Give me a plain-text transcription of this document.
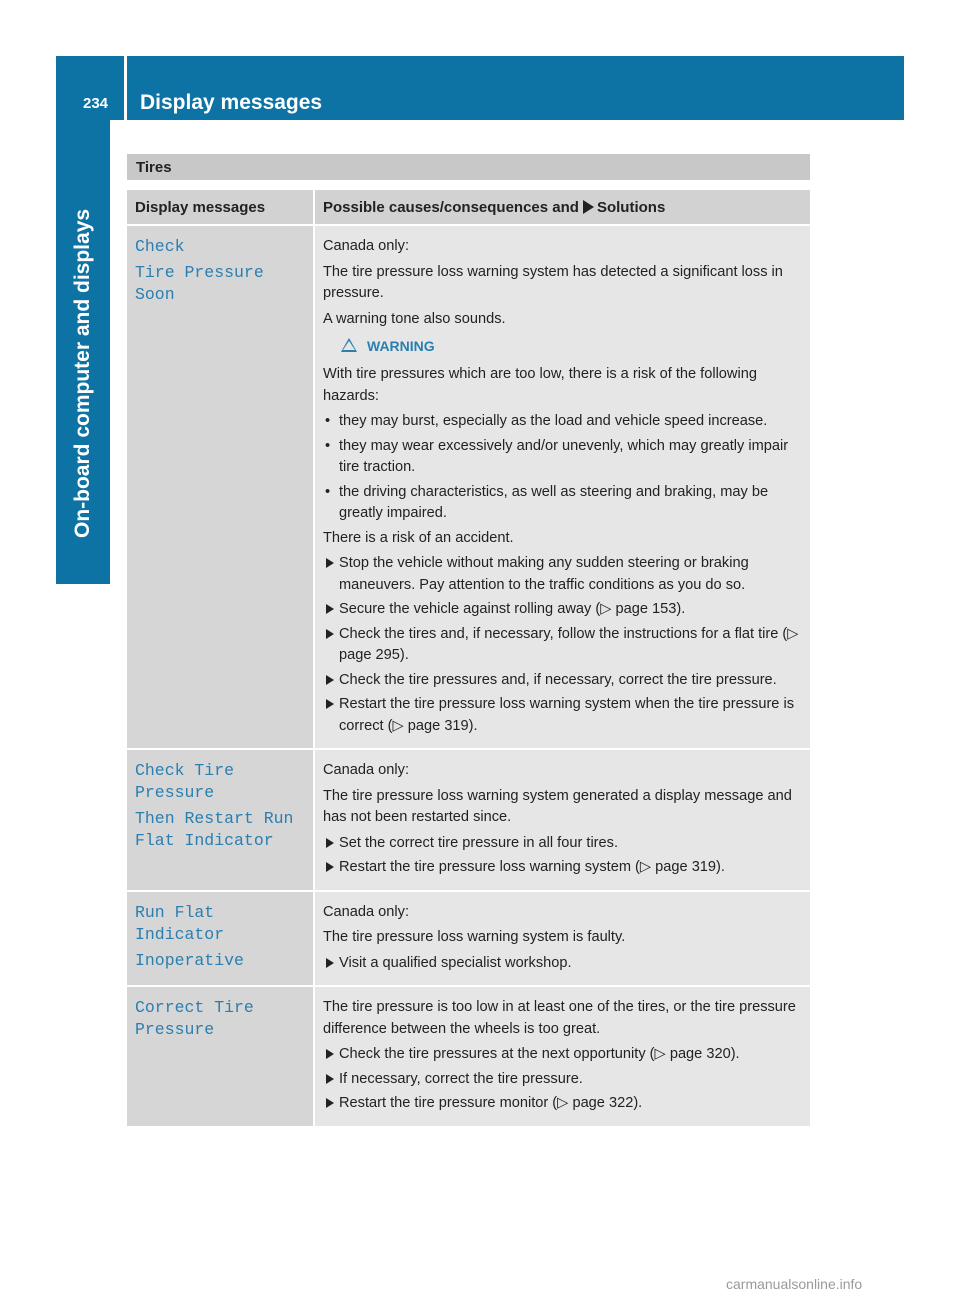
234 Display messages
On-board computer and displays
Tires
Display messages	Possible causes/consequences and Solutions
Check
Tire Pressure Soon
Canada only:
The tire pressure loss warning system has detected a significant loss in pressure.
A warning tone also sounds.
WARNING
With tire pressures which are too low, there is a risk of the following hazards:
• they may burst, especially as the load and vehicle speed increase.
• they may wear excessively and/or unevenly, which may greatly impair tire traction.
• the driving characteristics, as well as steering and braking, may be greatly impaired.
There is a risk of an accident.
Stop the vehicle without making any sudden steering or braking maneuvers. Pay attention to the traffic conditions as you do so.
Secure the vehicle against rolling away (▷ page 153).
Check the tires and, if necessary, follow the instructions for a flat tire (▷ page 295).
Check the tire pressures and, if necessary, correct the tire pressure.
Restart the tire pressure loss warning system when the tire pressure is correct (▷ page 319).
Check Tire Pressure
Then Restart Run Flat Indicator
Canada only:
The tire pressure loss warning system generated a display message and has not been restarted since.
Set the correct tire pressure in all four tires.
Restart the tire pressure loss warning system (▷ page 319).
Run Flat Indicator
Inoperative
Canada only:
The tire pressure loss warning system is faulty.
Visit a qualified specialist workshop.
Correct Tire Pressure
The tire pressure is too low in at least one of the tires, or the tire pressure difference between the wheels is too great.
Check the tire pressures at the next opportunity (▷ page 320).
If necessary, correct the tire pressure.
Restart the tire pressure monitor (▷ page 322).
carmanualsonline.info
